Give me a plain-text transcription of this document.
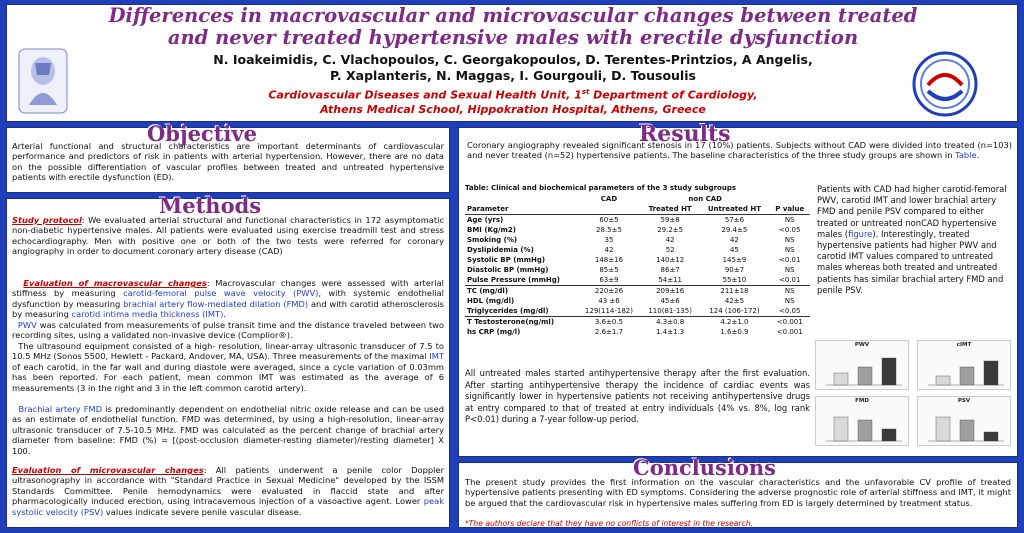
Differences in macrovascular and microvascular changes between treated
and never treated hypertensive males with erectile dysfunction
N. Ioakeimidis, C. Vlachopoulos, C. Georgakopoulos, D. Terentes-Printzios, A Angelis,
P. Xaplanteris, N. Maggas, I. Gourgouli, D. Tousoulis
Cardiovascular Diseases and Sexual Health Unit, 1st Department of Cardiology,
Athens Medical School, Hippokration Hospital, Athens, Greece
Objective
Arterial functional and structural characteristics are important determinants of cardiovascular performance and predictors of risk in patients with arterial hypertension. However, there are no data on the possible differentiation of vascular profiles between treated and untreated hypertensive patients with erectile dysfunction (ED).
Methods
Study protocol: We evaluated arterial structural and functional characteristics in 172 asymptomatic non-diabetic hypertensive males. All patients were evaluated using exercise treadmill test and stress echocardiography. Men with positive one or both of the two tests were referred for coronary angiography in order to document coronary artery disease (CAD)
Evaluation of macrovascular changes: Macrovascular changes were assessed with arterial stiffness by measuring carotid-femoral pulse wave velocity (PWV), with systemic endothelial dysfunction by measuring brachial artery flow-mediated dilation (FMD) and with carotid atherosclerosis by measuring carotid intima media thickness (IMT).
PWV was calculated from measurements of pulse transit time and the distance traveled between two recording sites, using a validated non-invasive device (Complior®).
The ultrasound equipment consisted of a high- resolution, linear-array ultrasonic transducer of 7.5 to 10.5 MHz (Sonos 5500, Hewlett - Packard, Andover, MA, USA). Three measurements of the maximal IMT of each carotid, in the far wall and during diastole were averaged, since a cycle variation of 0.03mm has been reported. For each patient, mean common IMT was estimated as the average of 6 measurements (3 in the right and 3 in the left common carotid artery).
Brachial artery FMD is predominantly dependent on endothelial nitric oxide release and can be used as an estimate of endothelial function. FMD was determined, by using a high-resolution, linear-array ultrasonic transducer of 7.5-10.5 MHz. FMD was calculated as the percent change of brachial artery diameter from baseline: FMD (%) = [(post-occlusion diameter-resting diameter)/resting diameter] X 100.
Evaluation of microvascular changes: All patients underwent a penile color Doppler ultrasonography in accordance with "Standard Practice in Sexual Medicine" developed by the ISSM Standards Committee. Penile hemodynamics were evaluated in flaccid state and after pharmacologically induced erection, using intracavernous injection of a vasoactive agent. Lower peak systolic velocity (PSV) values indicate severe penile vascular disease.
Results
Coronary angiography revealed significant stenosis in 17 (10%) patients. Subjects without CAD were divided into treated (n=103) and never treated (n=52) hypertensive patients. The baseline characteristics of the three study groups are shown in Table.
Table: Clinical and biochemical parameters of the 3 study subgroups
	CAD	non CAD		
Parameter		Treated HT	Untreated HT	P value
Age (yrs)	60±5	59±8	57±6	NS
BMI (Kg/m2)	28.5±5	29.2±5	29.4±5	<0.05
Smoking (%)	35	42	42	NS
Dyslipidemia (%)	42	52	45	NS
Systolic BP (mmHg)	148±16	140±12	145±9	<0.01
Diastolic BP (mmHg)	85±5	86±7	90±7	NS
Pulse Pressure (mmHg)	63±9	54±11	55±10	<0.01
TC (mg/dl)	220±26	209±16	211±18	NS
HDL (mg/dl)	43 ±6	45±6	42±5	NS
Triglycerides (mg/dl)	129(114-182)	110(81-135)	124 (106-172)	<0.05
T Testosterone(ng/ml)	3.6±0.5	4.3±0.8	4.2±1.0	<0.001
hs CRP (mg/l)	2.6±1.7	1.4±1.3	1.6±0.9	<0.001
Patients with CAD had higher carotid-femoral PWV, carotid IMT and lower brachial artery FMD and penile PSV compared to either treated or untreated nonCAD hypertensive males (figure). Interestingly, treated hypertensive patients had higher PWV and carotid IMT values compared to untreated males whereas both treated and untreated patients has similar brachial artery FMD and penile PSV.
PWV	cIMT
FMD	PSV
All untreated males started antihypertensive therapy after the first evaluation. After starting antihypertensive therapy the incidence of cardiac events was significantly lower in hypertensive patients not receiving antihypertensive drugs at entry compared to that of treated at entry individuals (4% vs. 8%, log rank P<0.01) during a 7-year follow-up period.
Conclusions
The present study provides the first information on the vascular characteristics and the unfavorable CV profile of treated hypertensive patients presenting with ED symptoms. Considering the adverse prognostic role of arterial stiffness and IMT, it might be argued that the cardiovascular risk in hypertensive males suffering from ED is largely determined by treatment status.
*The authors declare that they have no conflicts of interest in the research.
